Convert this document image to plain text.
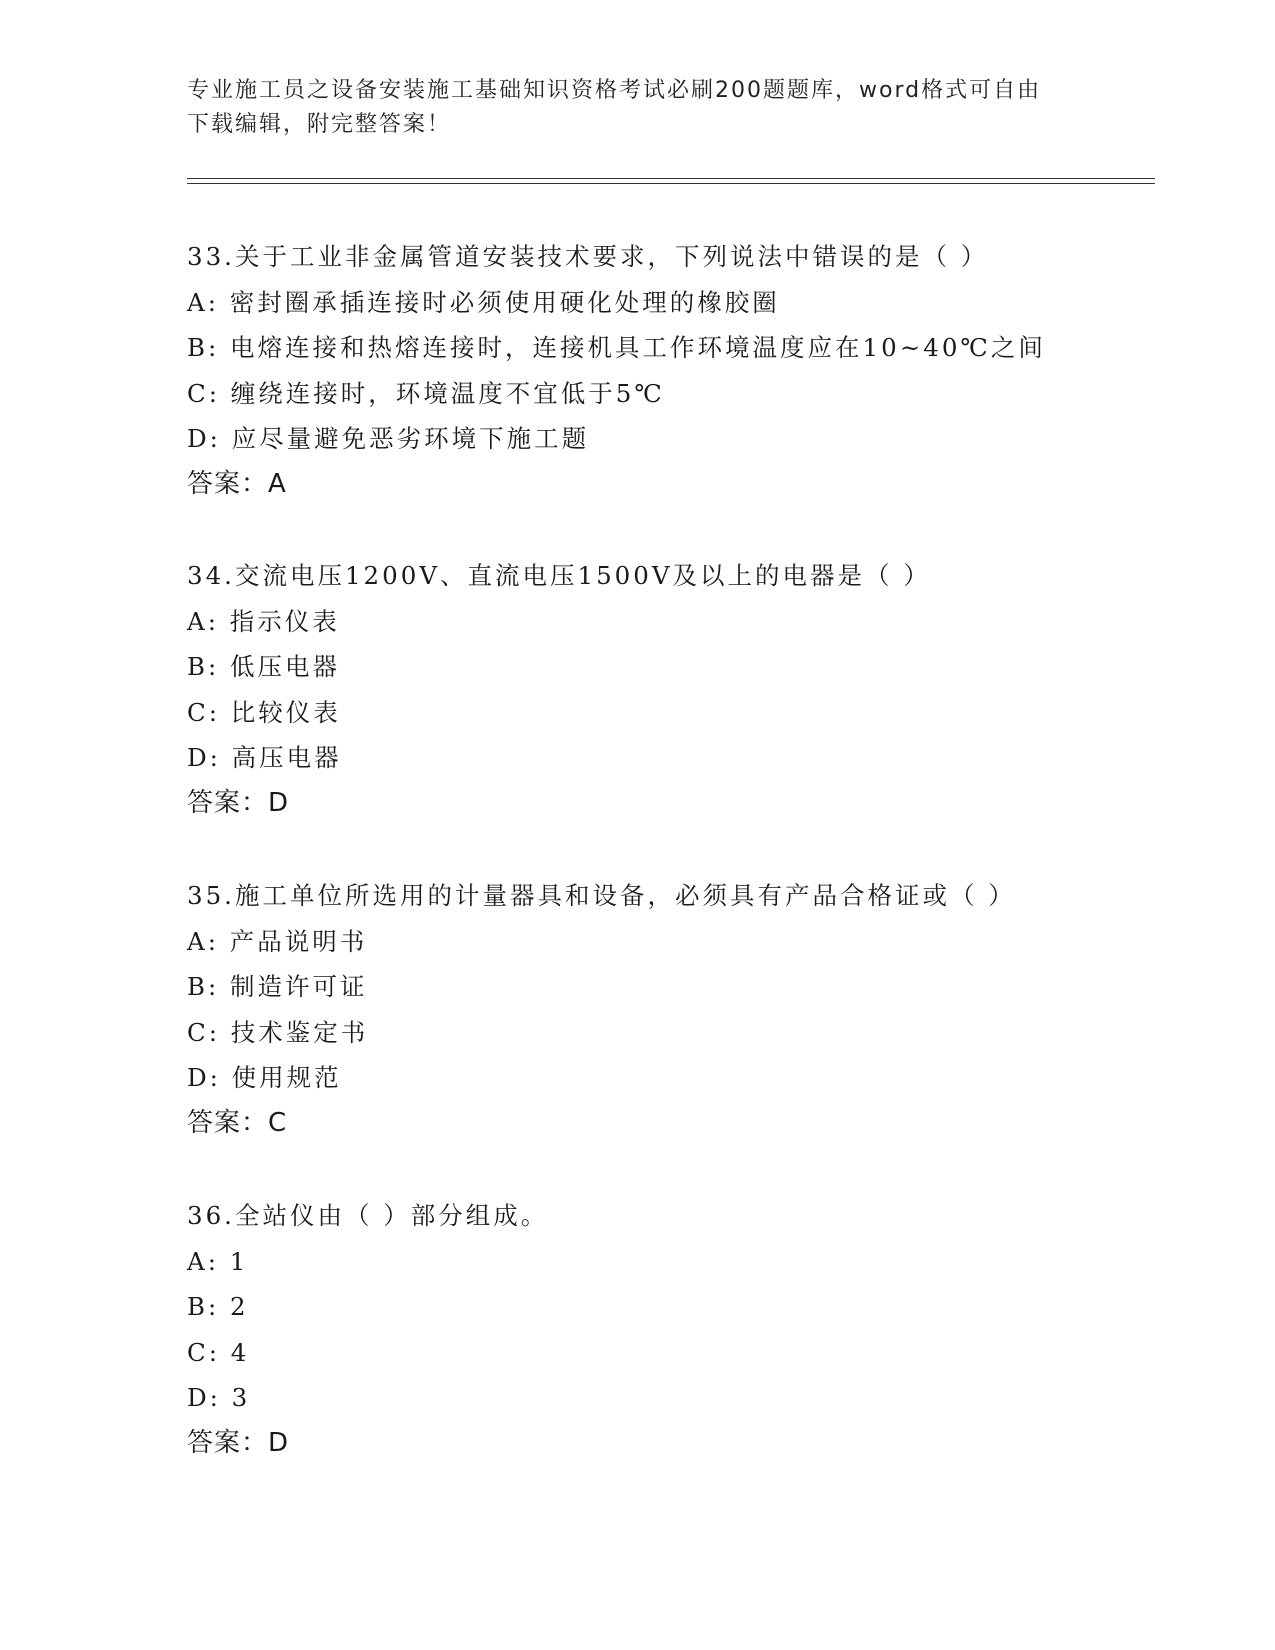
专业施工员之设备安装施工基础知识资格考试必刷200题题库，word格式可自由
下载编辑，附完整答案！
33.关于工业非金属管道安装技术要求，下列说法中错误的是（ ）
A: 密封圈承插连接时必须使用硬化处理的橡胶圈
B: 电熔连接和热熔连接时，连接机具工作环境温度应在10~40℃之间
C: 缠绕连接时，环境温度不宜低于5℃
D: 应尽量避免恶劣环境下施工题
答案：A
34.交流电压1200V、直流电压1500V及以上的电器是（ ）
A: 指示仪表
B: 低压电器
C: 比较仪表
D: 高压电器
答案：D
35.施工单位所选用的计量器具和设备，必须具有产品合格证或（ ）
A: 产品说明书
B: 制造许可证
C: 技术鉴定书
D: 使用规范
答案：C
36.全站仪由（ ）部分组成。
A: 1
B: 2
C: 4
D: 3
答案：D
